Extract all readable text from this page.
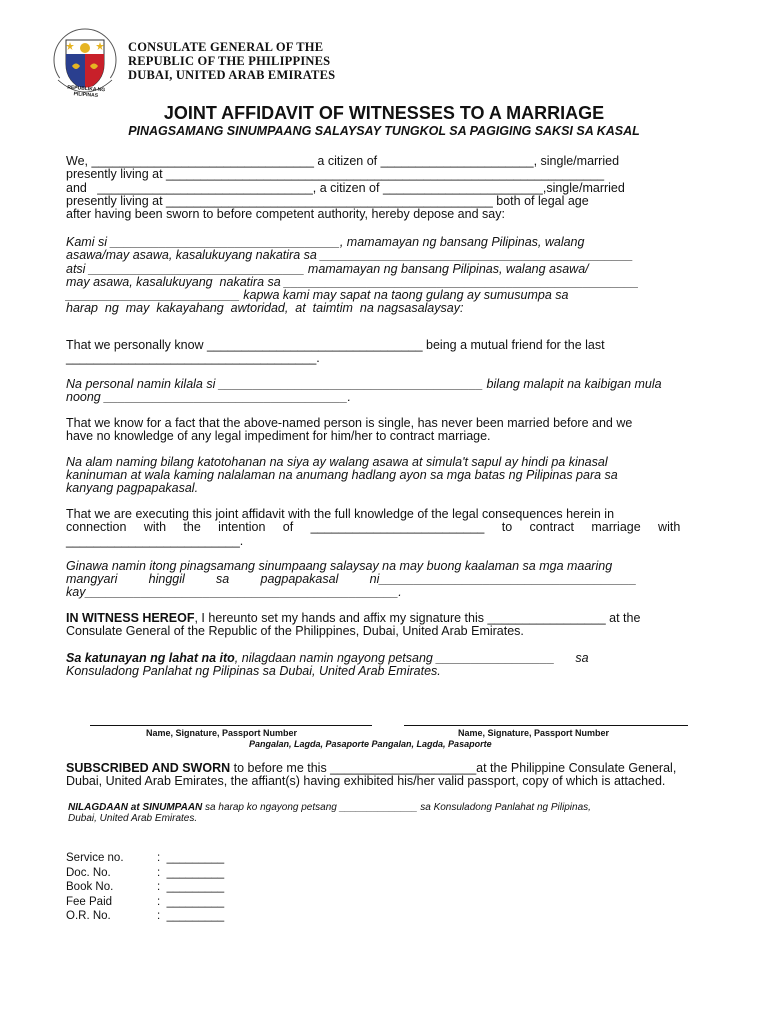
REPUBLIKA NG PILIPINAS
CONSULATE GENERAL OF THE
REPUBLIC OF THE PHILIPPINES
DUBAI, UNITED ARAB EMIRATES
JOINT AFFIDAVIT OF WITNESSES TO A MARRIAGE
PINAGSAMANG SINUMPAANG SALAYSAY TUNGKOL SA PAGIGING SAKSI SA KASAL
We, ________________________________ a citizen of ______________________, single/married
presently living at _______________________________________________________________
and   _______________________________, a citizen of _______________________,single/married
presently living at _______________________________________________ both of legal age
after having been sworn to before competent authority, hereby depose and say:
Kami si _________________________________, mamamayan ng bansang Pilipinas, walang
asawa/may asawa, kasalukuyang nakatira sa _____________________________________________
atsi _______________________________ mamamayan ng bansang Pilipinas, walang asawa/
may asawa, kasalukuyang  nakatira sa ___________________________________________________
_________________________ kapwa kami may sapat na taong gulang ay sumusumpa sa
harap  ng  may  kakayahang  awtoridad,  at  taimtim  na nagsasalaysay:
That we personally know _______________________________ being a mutual friend for the last
____________________________________.
Na personal namin kilala si ______________________________________ bilang malapit na kaibigan mula
noong ___________________________________.
That we know for a fact that the above-named person is single, has never been married before and we
have no knowledge of any legal impediment for him/her to contract marriage.
Na alam naming bilang katotohanan na siya ay walang asawa at simula't sapul ay hindi pa kinasal
kaninuman at wala kaming nalalaman na anumang hadlang ayon sa mga batas ng Pilipinas para sa
kanyang pagpapakasal.
That we are executing this joint affidavit with the full knowledge of the legal consequences herein in
connection     with     the     intention     of     _________________________     to     contract     marriage     with
_________________________.
Ginawa namin itong pinagsamang sinumpaang salaysay na may buong kaalaman sa mga maaring
mangyari         hinggil         sa         pagpapakasal         ni_____________________________________
kay_____________________________________________.
IN WITNESS HEREOF, I hereunto set my hands and affix my signature this _________________ at the
Consulate General of the Republic of the Philippines, Dubai, United Arab Emirates.
Sa katunayan ng lahat na ito, nilagdaan namin ngayong petsang _________________      sa
Konsuladong Panlahat ng Pilipinas sa Dubai, United Arab Emirates.
Name, Signature, Passport Number	Name, Signature, Passport Number
Pangalan, Lagda, Pasaporte Pangalan, Lagda, Pasaporte
SUBSCRIBED AND SWORN to before me this _____________________at the Philippine Consulate General,
Dubai, United Arab Emirates, the affiant(s) having exhibited his/her valid passport, copy of which is attached.
NILAGDAAN at SINUMPAAN sa harap ko ngayong petsang ______________ sa Konsuladong Panlahat ng Pilipinas,
Dubai, United Arab Emirates.
Service no.	:  _________
Doc. No.	:  _________
Book No.	:  _________
Fee Paid	:  _________
O.R. No.	:  _________
